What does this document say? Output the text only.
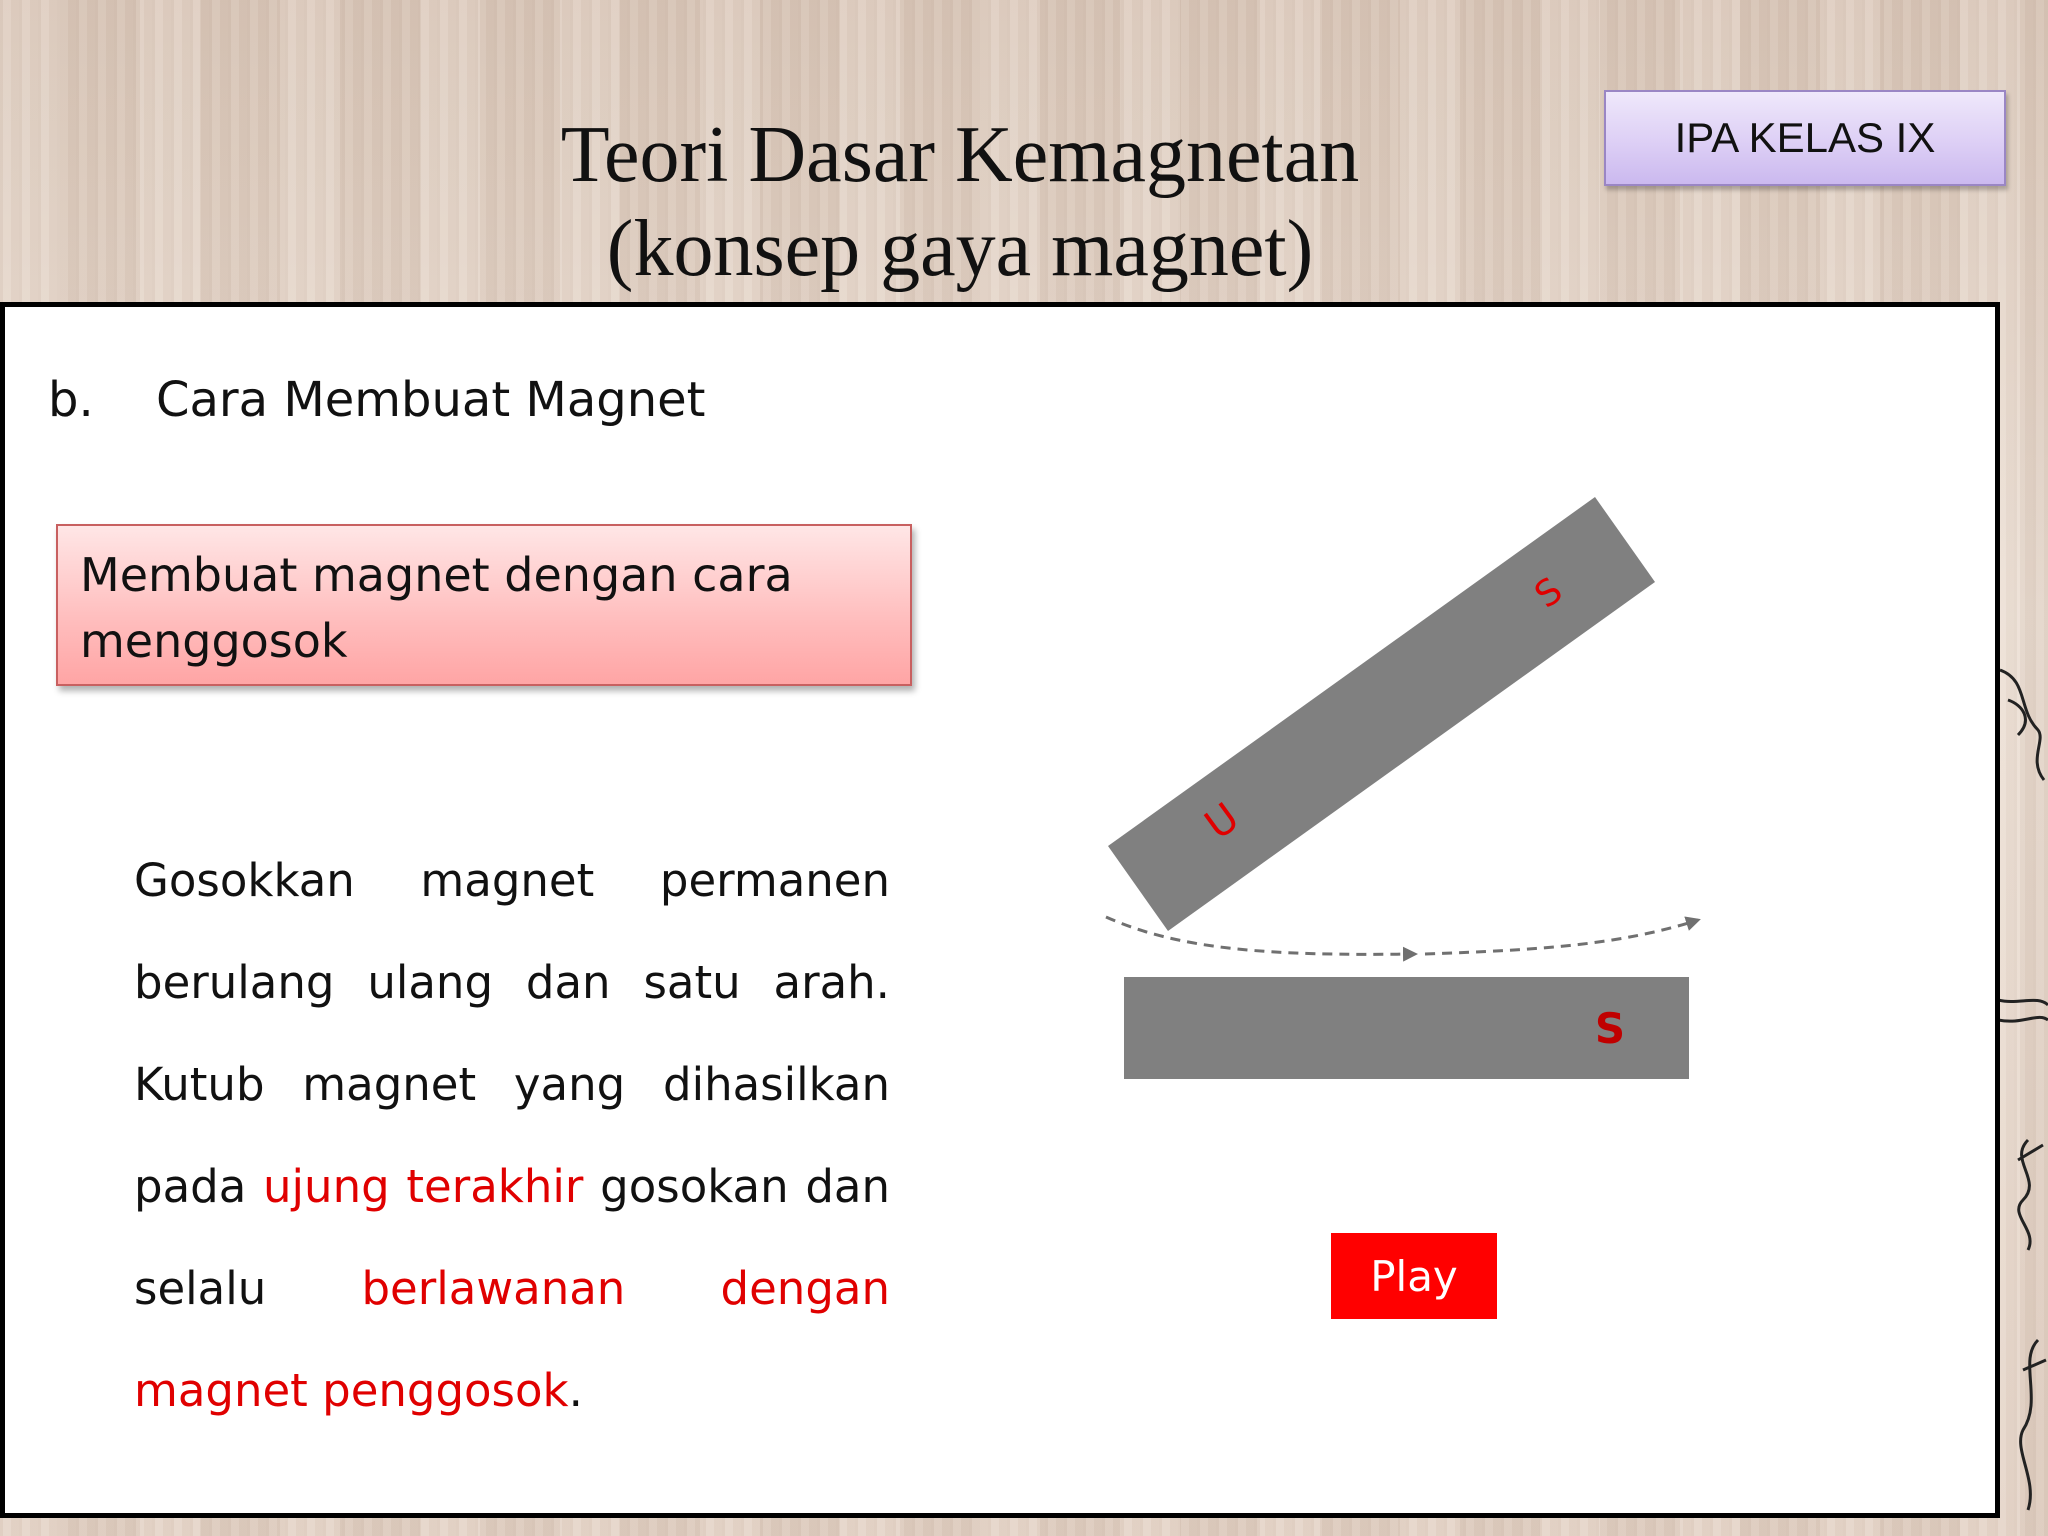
Teori Dasar Kemagnetan
(konsep gaya magnet)
IPA KELAS IX
b. Cara Membuat Magnet
Membuat magnet dengan cara menggosok
Gosokkan magnet permanen berulang ulang dan satu arah. Kutub magnet yang dihasilkan pada ujung terakhir gosokan dan selalu berlawanan dengan magnet penggosok.
U
S
S
Play
